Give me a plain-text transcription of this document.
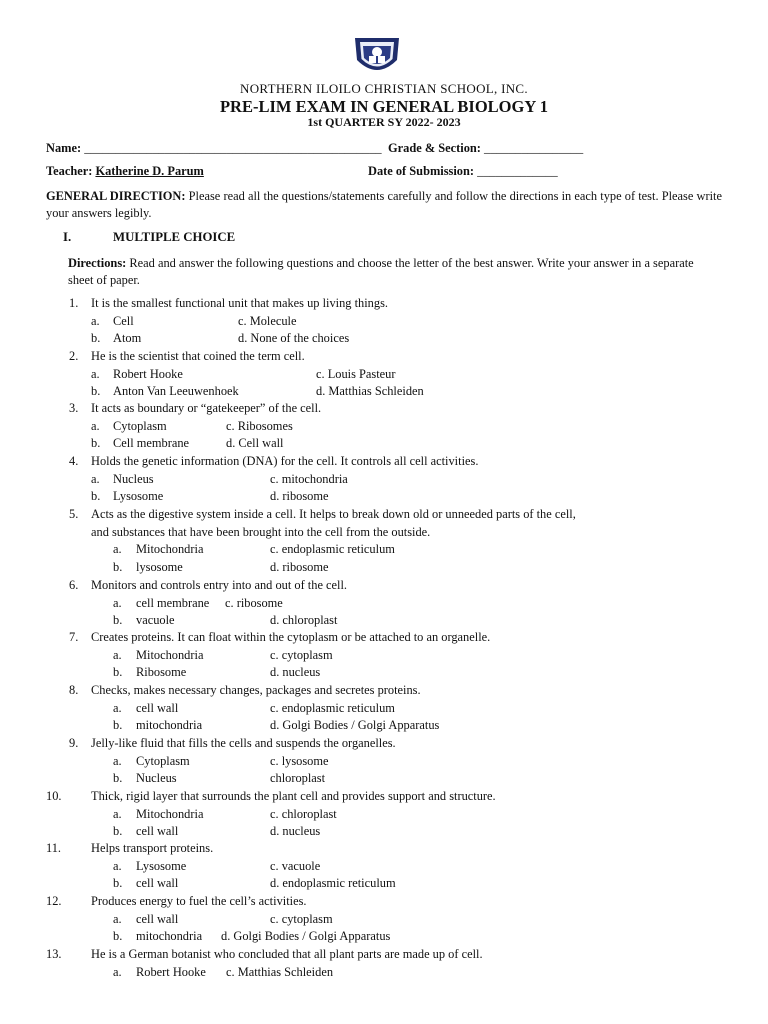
NORTHERN ILOILO CHRISTIAN SCHOOL, INC.
PRE-LIM EXAM IN GENERAL BIOLOGY 1
1st QUARTER SY 2022- 2023
Name: ________________________________________________ Grade & Section: ________________
Teacher: Katherine D. Parum	Date of Submission: _____________
GENERAL DIRECTION: Please read all the questions/statements carefully and follow the directions in each type of test. Please write your answers legibly.
I.	MULTIPLE CHOICE
Directions: Read and answer the following questions and choose the letter of the best answer. Write your answer in a separate sheet of paper.
1. It is the smallest functional unit that makes up living things.
a. Cell	c. Molecule
b. Atom	d. None of the choices
2. He is the scientist that coined the term cell.
a. Robert Hooke	c. Louis Pasteur
b. Anton Van Leeuwenhoek	d. Matthias Schleiden
3. It acts as boundary or “gatekeeper” of the cell.
a. Cytoplasm	c. Ribosomes
b. Cell membrane	d. Cell wall
4. Holds the genetic information (DNA) for the cell. It controls all cell activities.
a. Nucleus	c. mitochondria
b. Lysosome	d. ribosome
5. Acts as the digestive system inside a cell. It helps to break down old or unneeded parts of the cell,
and substances that have been brought into the cell from the outside.
a. Mitochondria	c. endoplasmic reticulum
b. lysosome	d. ribosome
6. Monitors and controls entry into and out of the cell.
a. cell membrane c. ribosome
b. vacuole	d. chloroplast
7. Creates proteins. It can float within the cytoplasm or be attached to an organelle.
a. Mitochondria	c. cytoplasm
b. Ribosome	d. nucleus
8. Checks, makes necessary changes, packages and secretes proteins.
a. cell wall	c. endoplasmic reticulum
b. mitochondria	d. Golgi Bodies / Golgi Apparatus
9. Jelly-like fluid that fills the cells and suspends the organelles.
a. Cytoplasm	c. lysosome
b. Nucleus	chloroplast
10. Thick, rigid layer that surrounds the plant cell and provides support and structure.
a. Mitochondria	c. chloroplast
b. cell wall	d. nucleus
11. Helps transport proteins.
a. Lysosome	c. vacuole
b. cell wall	d. endoplasmic reticulum
12. Produces energy to fuel the cell’s activities.
a. cell wall	c. cytoplasm
b. mitochondria d. Golgi Bodies / Golgi Apparatus
13. He is a German botanist who concluded that all plant parts are made up of cell.
a. Robert Hooke c. Matthias Schleiden
